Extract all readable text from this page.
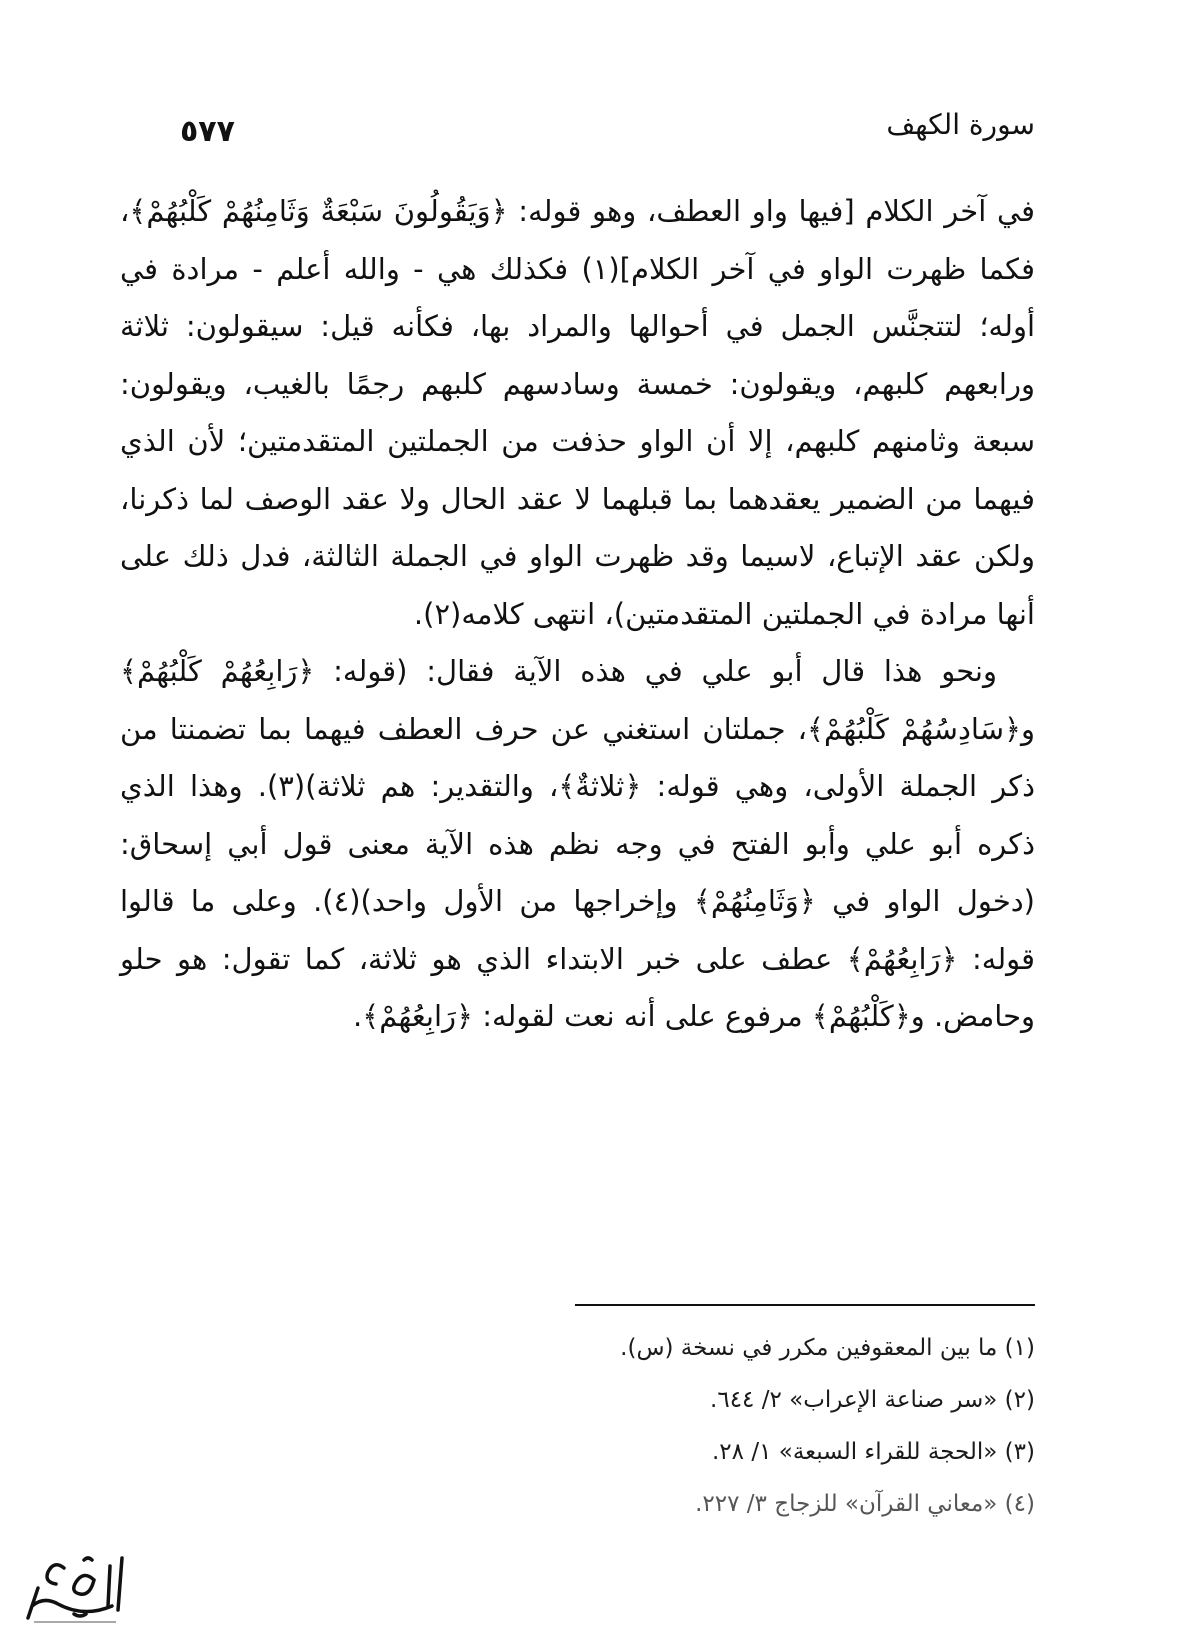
٥٧٧	سورة الكهف

في آخر الكلام [فيها واو العطف، وهو قوله: ﴿وَيَقُولُونَ سَبْعَةٌ وَثَامِنُهُمْ كَلْبُهُمْ﴾، فكما ظهرت الواو في آخر الكلام](١) فكذلك هي - والله أعلم - مرادة في أوله؛ لتتجنَّس الجمل في أحوالها والمراد بها، فكأنه قيل: سيقولون: ثلاثة ورابعهم كلبهم، ويقولون: خمسة وسادسهم كلبهم رجمًا بالغيب، ويقولون: سبعة وثامنهم كلبهم، إلا أن الواو حذفت من الجملتين المتقدمتين؛ لأن الذي فيهما من الضمير يعقدهما بما قبلهما لا عقد الحال ولا عقد الوصف لما ذكرنا، ولكن عقد الإتباع، لاسيما وقد ظهرت الواو في الجملة الثالثة، فدل ذلك على أنها مرادة في الجملتين المتقدمتين)، انتهى كلامه(٢).

ونحو هذا قال أبو علي في هذه الآية فقال: (قوله: ﴿رَابِعُهُمْ كَلْبُهُمْ﴾ و﴿سَادِسُهُمْ كَلْبُهُمْ﴾، جملتان استغني عن حرف العطف فيهما بما تضمنتا من ذكر الجملة الأولى، وهي قوله: ﴿ثلاثةٌ﴾، والتقدير: هم ثلاثة)(٣). وهذا الذي ذكره أبو علي وأبو الفتح في وجه نظم هذه الآية معنى قول أبي إسحاق: (دخول الواو في ﴿وَثَامِنُهُمْ﴾ وإخراجها من الأول واحد)(٤). وعلى ما قالوا قوله: ﴿رَابِعُهُمْ﴾ عطف على خبر الابتداء الذي هو ثلاثة، كما تقول: هو حلو وحامض. و﴿كَلْبُهُمْ﴾ مرفوع على أنه نعت لقوله: ﴿رَابِعُهُمْ﴾.

(١) ما بين المعقوفين مكرر في نسخة (س).
(٢) «سر صناعة الإعراب» ٢/ ٦٤٤.
(٣) «الحجة للقراء السبعة» ١/ ٢٨.
(٤) «معاني القرآن» للزجاج ٣/ ٢٢٧.
